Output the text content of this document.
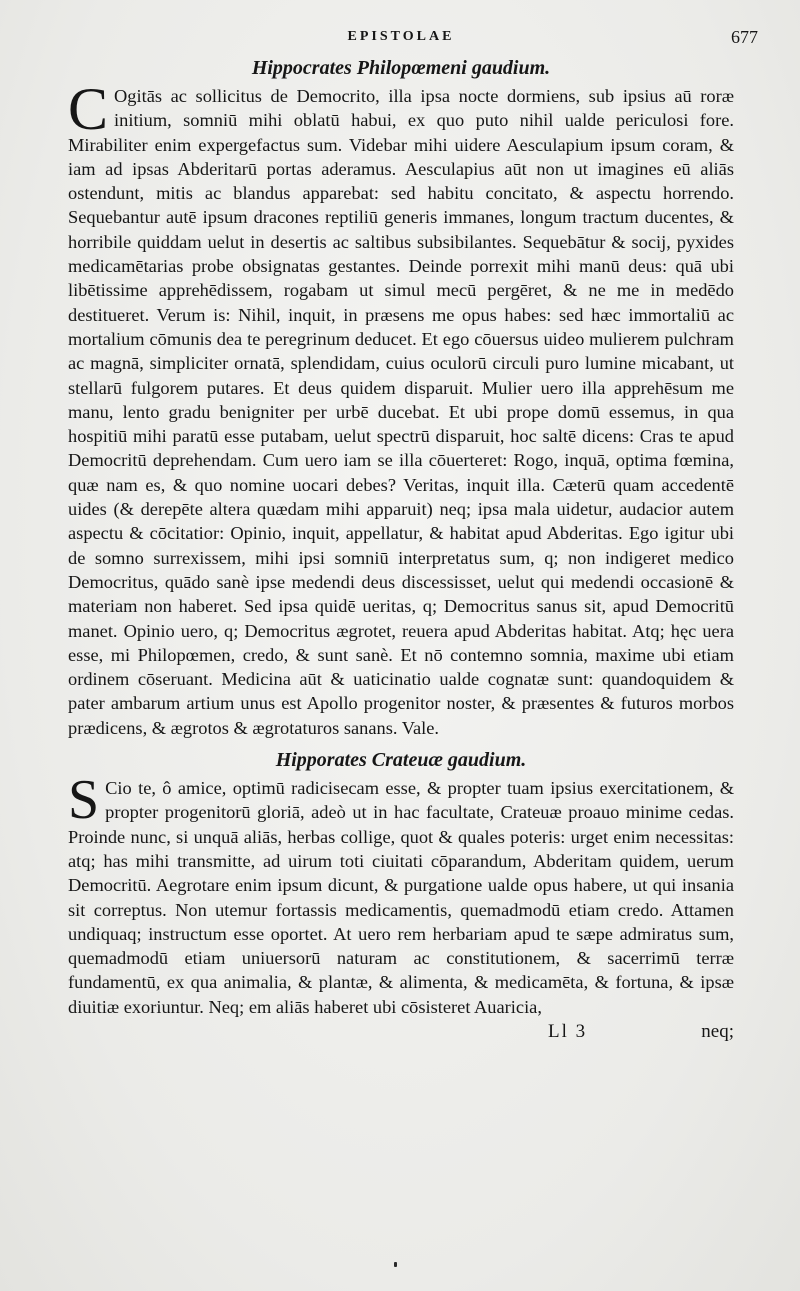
EPISTOLAE	677
Hippocrates Philopœmeni gaudium.

C Ogitās ac sollicitus de Democrito, illa ipsa nocte dormiens, sub ipsius aū roræ initium, somniū mihi oblatū habui, ex quo puto nihil ualde periculosi fore. Mirabiliter enim expergefactus sum. Videbar mihi uidere Aesculapium ipsum coram, & iam ad ipsas Abderitarū portas aderamus. Aesculapius aūt non ut imagines eū aliās ostendunt, mitis ac blandus apparebat: sed habitu concitato, & aspectu horrendo. Sequebantur autē ipsum dracones reptiliū generis immanes, longum tractum ducentes, & horribile quiddam uelut in desertis ac saltibus subsibilantes. Sequebātur & socij, pyxides medicamētarias probe obsignatas gestantes. Deinde porrexit mihi manū deus: quā ubi libētissime apprehēdissem, rogabam ut simul mecū pergēret, & ne me in medēdo destitueret. Verum is: Nihil, inquit, in præsens me opus habes: sed hæc immortaliū ac mortalium cōmunis dea te peregrinum deducet. Et ego cōuersus uideo mulierem pulchram ac magnā, simpliciter ornatā, splendidam, cuius oculorū circuli puro lumine micabant, ut stellarū fulgorem putares. Et deus quidem disparuit. Mulier uero illa apprehēsum me manu, lento gradu benigniter per urbē ducebat. Et ubi prope domū essemus, in qua hospitiū mihi paratū esse putabam, uelut spectrū disparuit, hoc saltē dicens: Cras te apud Democritū deprehendam. Cum uero iam se illa cōuerteret: Rogo, inquā, optima fœmina, quæ nam es, & quo nomine uocari debes? Veritas, inquit illa. Cæterū quam accedentē uides (& derepēte altera quædam mihi apparuit) neq; ipsa mala uidetur, audacior autem aspectu & cōcitatior: Opinio, inquit, appellatur, & habitat apud Abderitas. Ego igitur ubi de somno surrexissem, mihi ipsi somniū interpretatus sum, q; non indigeret medico Democritus, quādo sanè ipse medendi deus discessisset, uelut qui medendi occasionē & materiam non haberet. Sed ipsa quidē ueritas, q; Democritus sanus sit, apud Democritū manet. Opinio uero, q; Democritus ægrotet, reuera apud Abderitas habitat. Atq; hęc uera esse, mi Philopœmen, credo, & sunt sanè. Et nō contemno somnia, maxime ubi etiam ordinem cōseruant. Medicina aūt & uaticinatio ualde cognatæ sunt: quandoquidem & pater ambarum artium unus est Apollo progenitor noster, & præsentes & futuros morbos prædicens, & ægrotos & ægrotaturos sanans. Vale.

Hipporates Crateuæ gaudium.

S Cio te, ô amice, optimū radicisecam esse, & propter tuam ipsius exercitationem, & propter progenitorū gloriā, adeò ut in hac facultate, Crateuæ proauo minime cedas. Proinde nunc, si unquā aliās, herbas collige, quot & quales poteris: urget enim necessitas: atq; has mihi transmitte, ad uirum toti ciuitati cōparandum, Abderitam quidem, uerum Democritū. Aegrotare enim ipsum dicunt, & purgatione ualde opus habere, ut qui insania sit correptus. Non utemur fortassis medicamentis, quemadmodū etiam credo. Attamen undiquaq; instructum esse oportet. At uero rem herbariam apud te sæpe admiratus sum, quemadmodū etiam uniuersorū naturam ac constitutionem, & sacerrimū terræ fundamentū, ex qua animalia, & plantæ, & alimenta, & medicamēta, & fortuna, & ipsæ diuitiæ exoriuntur. Neq; em aliās haberet ubi cōsisteret Auaricia,

Ll 3	neq;
